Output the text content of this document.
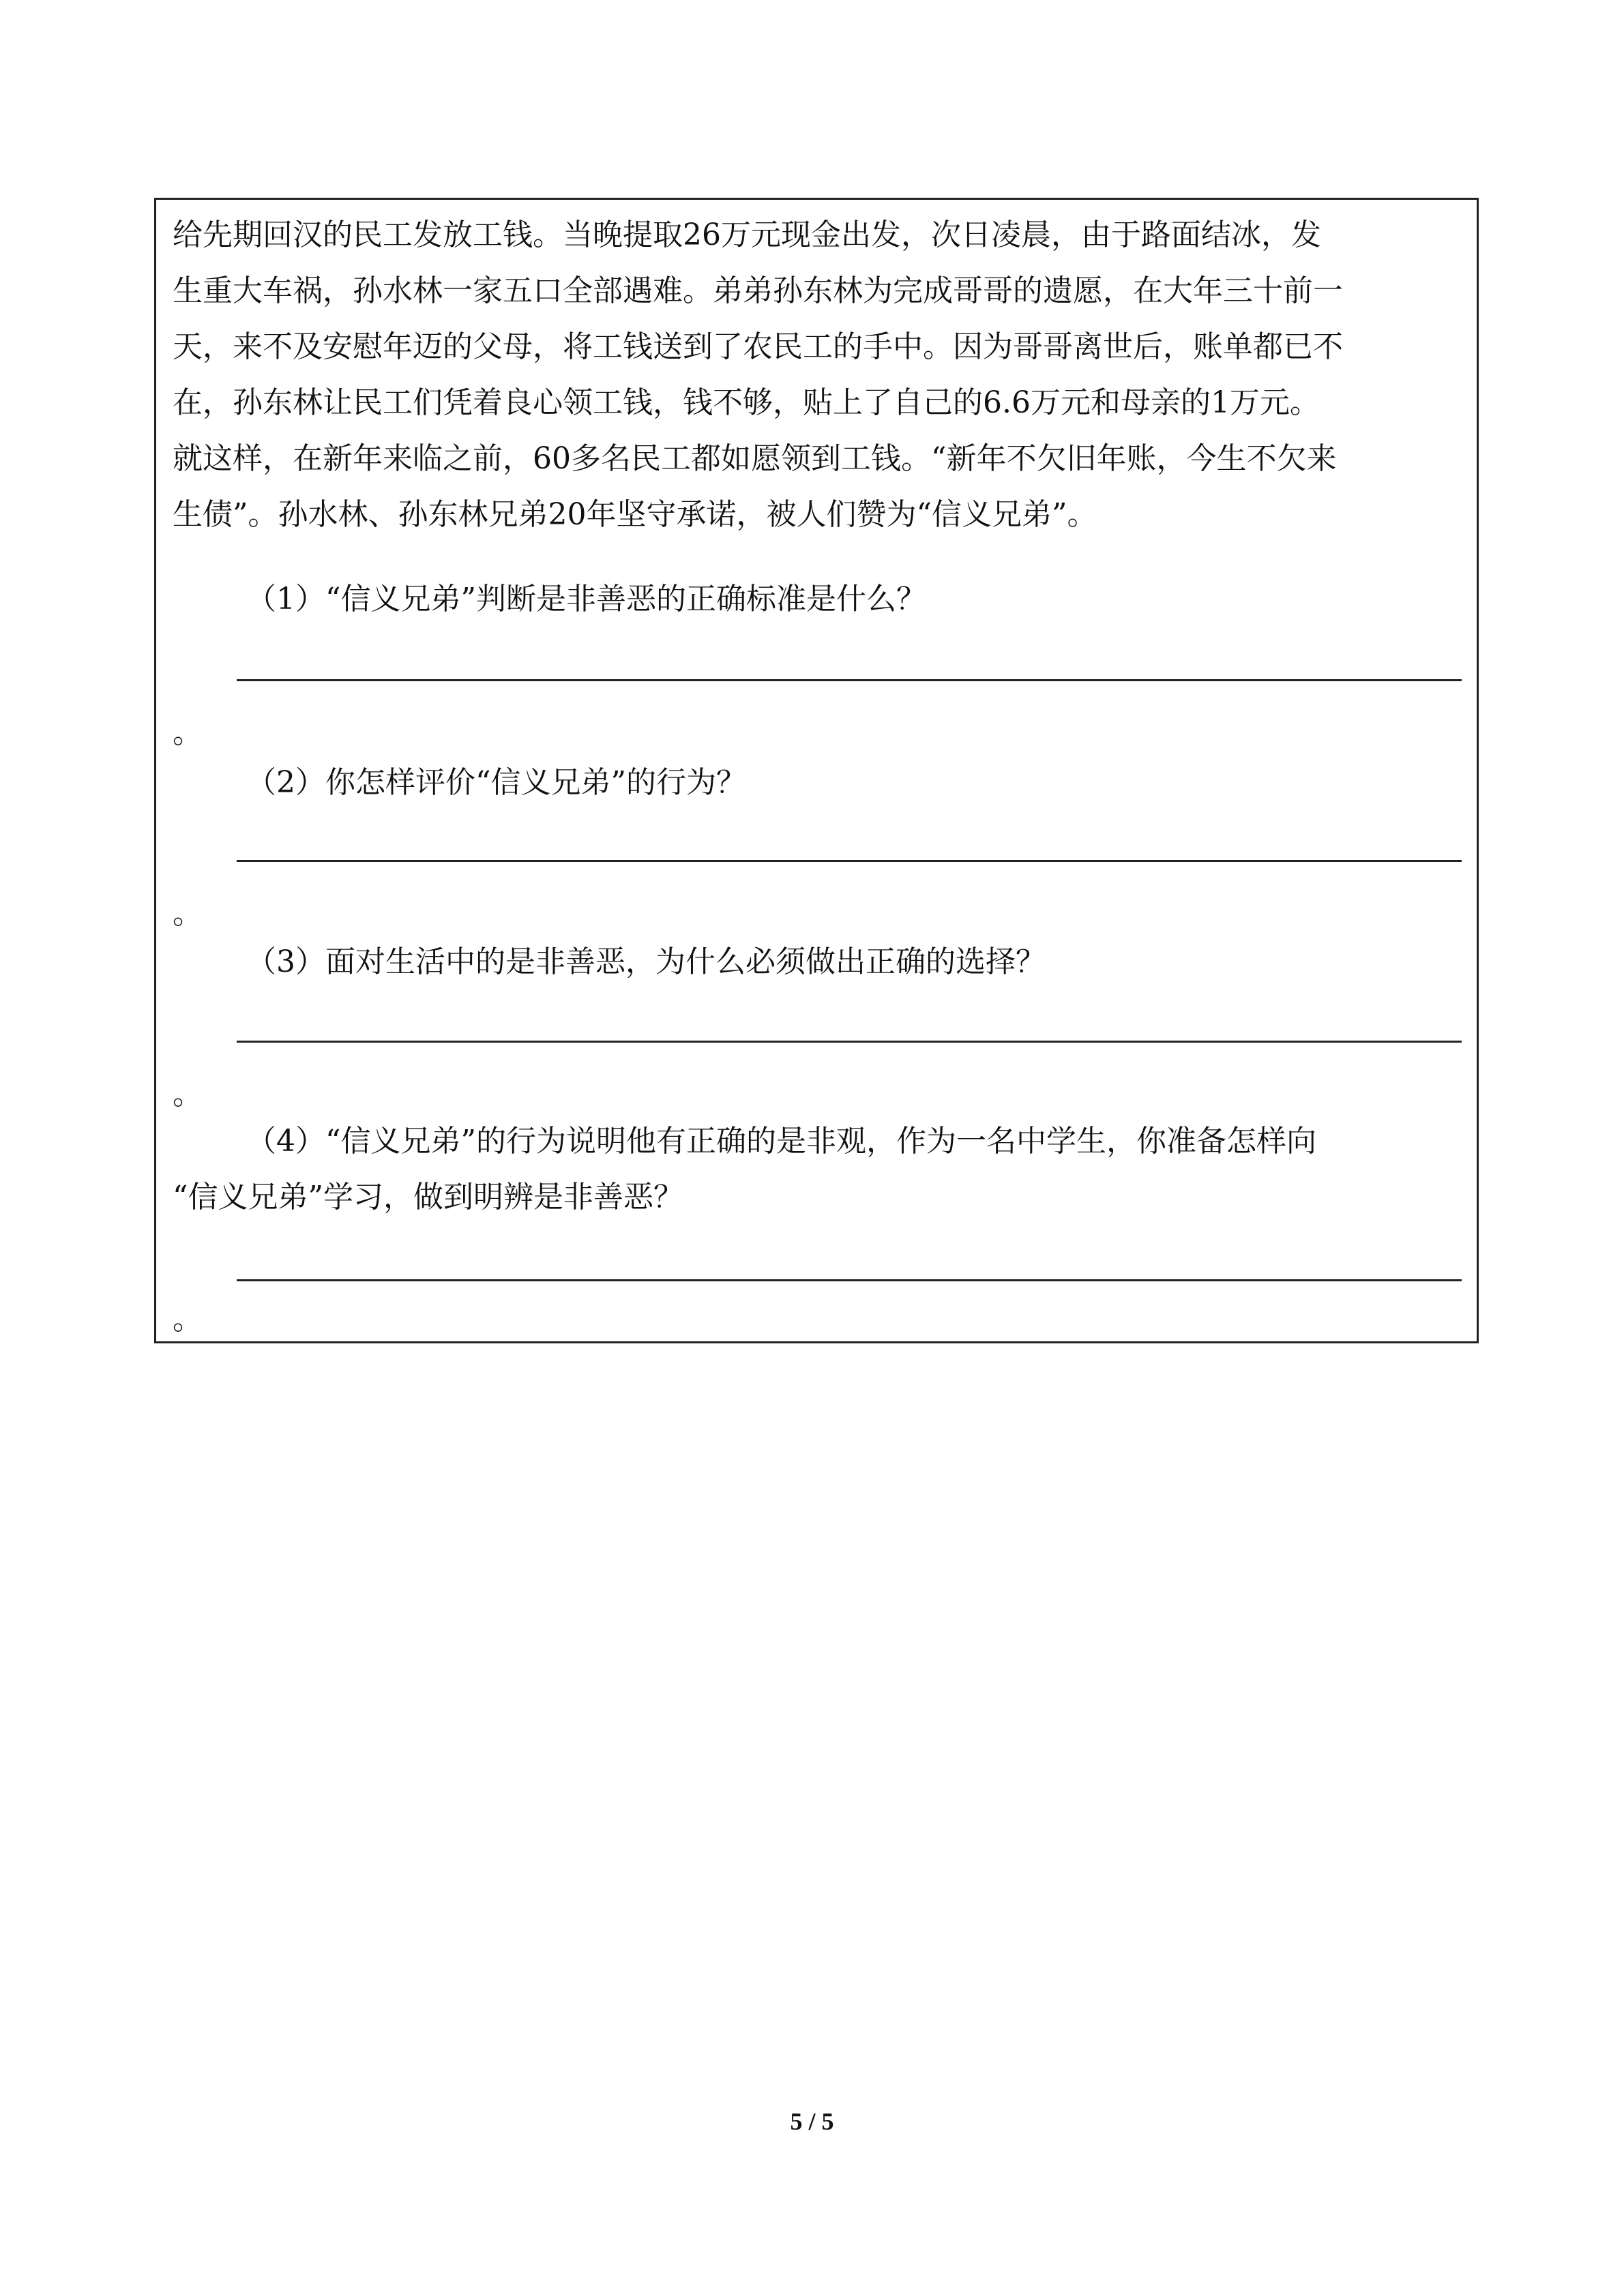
给先期回汉的民工发放工钱。当晚提取26万元现金出发，次日凌晨，由于路面结冰，发
生重大车祸，孙水林一家五口全部遇难。弟弟孙东林为完成哥哥的遗愿，在大年三十前一
天，来不及安慰年迈的父母，将工钱送到了农民工的手中。因为哥哥离世后，账单都已不
在，孙东林让民工们凭着良心领工钱，钱不够，贴上了自己的6.6万元和母亲的1万元。
就这样，在新年来临之前，60多名民工都如愿领到工钱。“新年不欠旧年账，今生不欠来
生债”。孙水林、孙东林兄弟20年坚守承诺，被人们赞为“信义兄弟”。
（1）“信义兄弟”判断是非善恶的正确标准是什么？
。
（2）你怎样评价“信义兄弟”的行为？
。
（3）面对生活中的是非善恶，为什么必须做出正确的选择？
。
（4）“信义兄弟”的行为说明他有正确的是非观，作为一名中学生，你准备怎样向
“信义兄弟”学习，做到明辨是非善恶？
。
5 / 5
